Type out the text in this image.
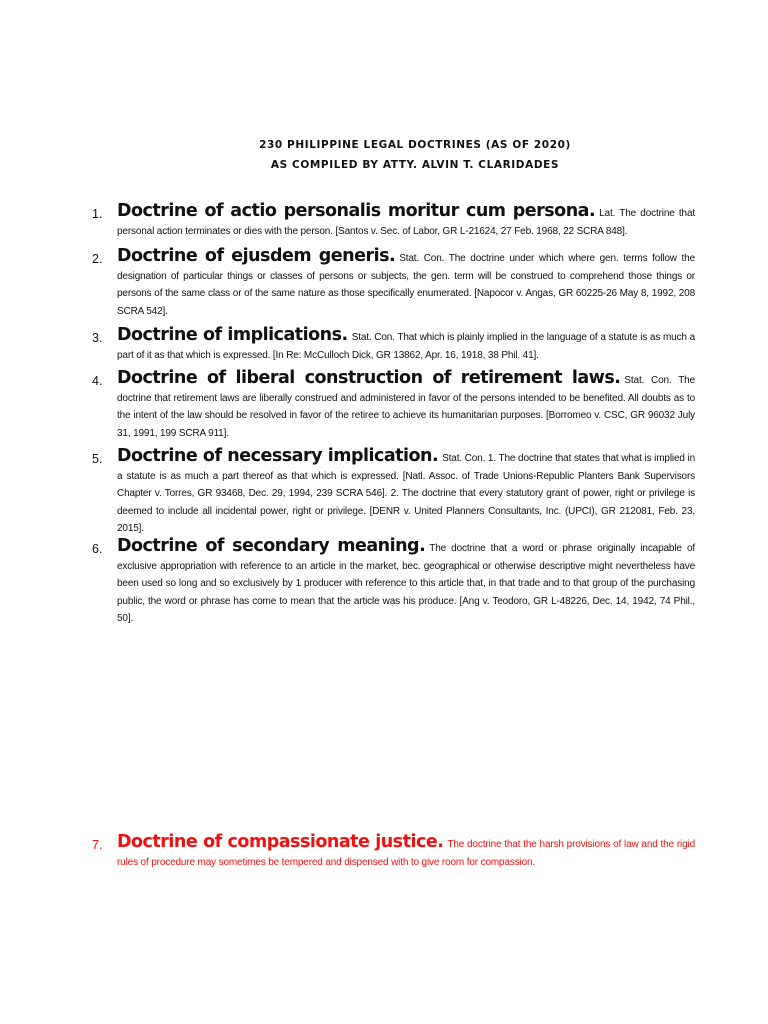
230 PHILIPPINE LEGAL DOCTRINES (AS OF 2020)
AS COMPILED BY ATTY. ALVIN T. CLARIDADES
1. Doctrine of actio personalis moritur cum persona. Lat. The doctrine that personal action terminates or dies with the person. [Santos v. Sec. of Labor, GR L-21624, 27 Feb. 1968, 22 SCRA 848].
2. Doctrine of ejusdem generis. Stat. Con. The doctrine under which where gen. terms follow the designation of particular things or classes of persons or subjects, the gen. term will be construed to comprehend those things or persons of the same class or of the same nature as those specifically enumerated. [Napocor v. Angas, GR 60225-26 May 8, 1992, 208 SCRA 542].
3. Doctrine of implications. Stat. Con. That which is plainly implied in the language of a statute is as much a part of it as that which is expressed. [In Re: McCulloch Dick, GR 13862, Apr. 16, 1918, 38 Phil. 41].
4. Doctrine of liberal construction of retirement laws. Stat. Con. The doctrine that retirement laws are liberally construed and administered in favor of the persons intended to be benefited. All doubts as to the intent of the law should be resolved in favor of the retiree to achieve its humanitarian purposes. [Borromeo v. CSC, GR 96032 July 31, 1991, 199 SCRA 911].
5. Doctrine of necessary implication. Stat. Con. 1. The doctrine that states that what is implied in a statute is as much a part thereof as that which is expressed. [Natl. Assoc. of Trade Unions-Republic Planters Bank Supervisors Chapter v. Torres, GR 93468, Dec. 29, 1994, 239 SCRA 546]. 2. The doctrine that every statutory grant of power, right or privilege is deemed to include all incidental power, right or privilege. [DENR v. United Planners Consultants, Inc. (UPCI), GR 212081, Feb. 23, 2015].
6. Doctrine of secondary meaning. The doctrine that a word or phrase originally incapable of exclusive appropriation with reference to an article in the market, bec. geographical or otherwise descriptive might nevertheless have been used so long and so exclusively by 1 producer with reference to this article that, in that trade and to that group of the purchasing public, the word or phrase has come to mean that the article was his produce. [Ang v. Teodoro, GR L-48226, Dec. 14, 1942, 74 Phil., 50].
7. Doctrine of compassionate justice. The doctrine that the harsh provisions of law and the rigid rules of procedure may sometimes be tempered and dispensed with to give room for compassion.
